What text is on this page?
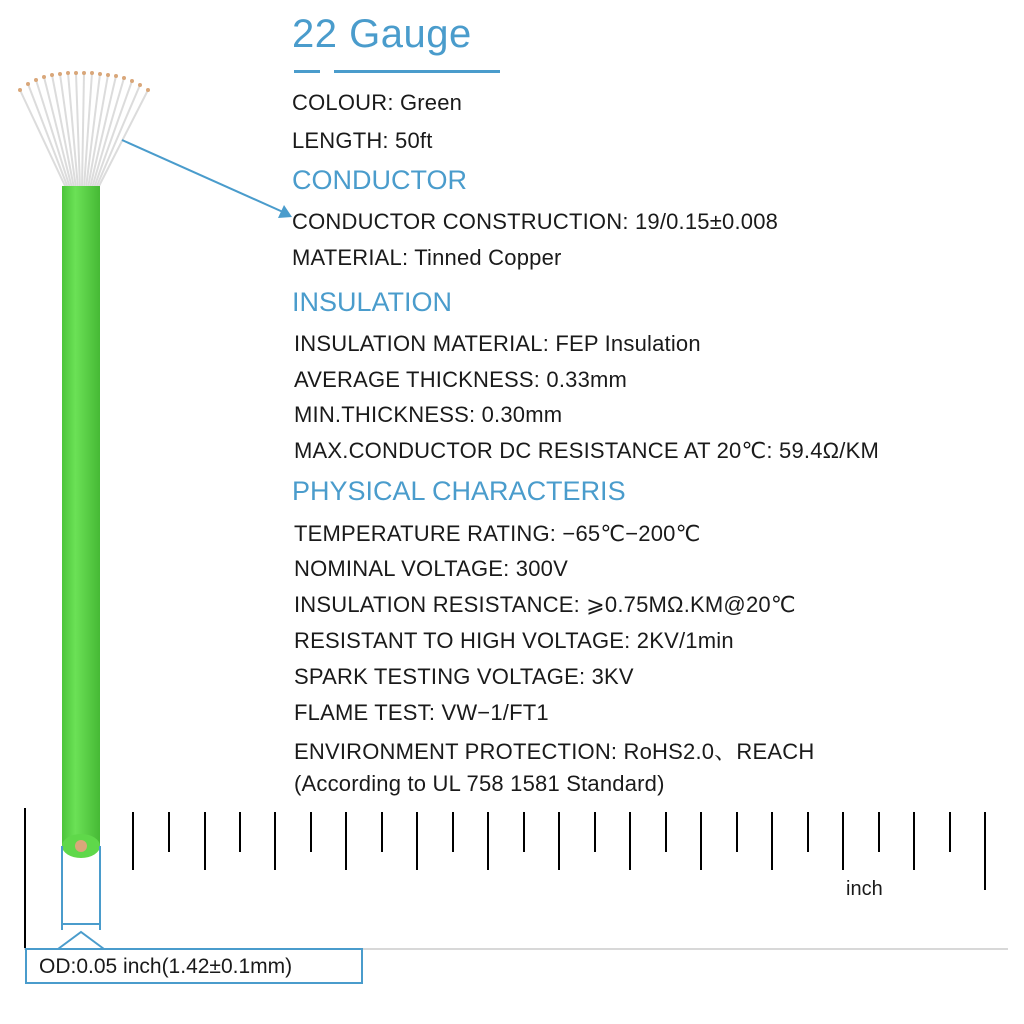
22 Gauge
COLOUR: Green
LENGTH: 50ft
CONDUCTOR
CONDUCTOR CONSTRUCTION: 19/0.15±0.008
MATERIAL: Tinned Copper
INSULATION
INSULATION MATERIAL: FEP Insulation
AVERAGE THICKNESS: 0.33mm
MIN.THICKNESS: 0.30mm
MAX.CONDUCTOR DC RESISTANCE AT 20℃: 59.4Ω/KM
PHYSICAL CHARACTERIS
TEMPERATURE RATING: −65℃−200℃
NOMINAL VOLTAGE: 300V
INSULATION RESISTANCE: ⩾0.75MΩ.KM@20℃
RESISTANT TO HIGH VOLTAGE: 2KV/1min
SPARK TESTING VOLTAGE: 3KV
FLAME TEST: VW−1/FT1
ENVIRONMENT PROTECTION: RoHS2.0、REACH
(According to UL 758 1581 Standard)
inch
OD:0.05 inch(1.42±0.1mm)
